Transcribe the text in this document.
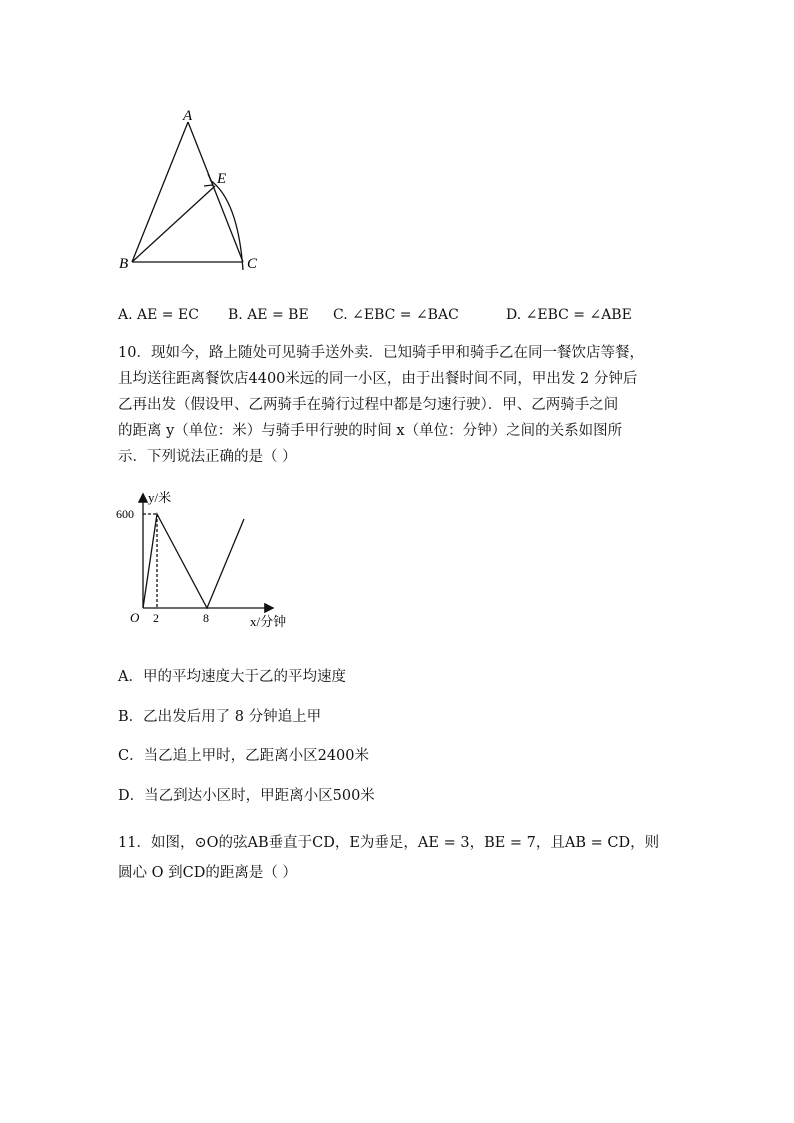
A
E
B	C
A. AE = EC B. AE = BE C. ∠EBC = ∠BAC	D. ∠EBC = ∠ABE
10．现如今，路上随处可见骑手送外卖．已知骑手甲和骑手乙在同一餐饮店等餐，
且均送往距离餐饮店4400米远的同一小区，由于出餐时间不同，甲出发 2 分钟后
乙再出发（假设甲、乙两骑手在骑行过程中都是匀速行驶）．甲、乙两骑手之间
的距离 y（单位：米）与骑手甲行驶的时间 x（单位：分钟）之间的关系如图所
示．下列说法正确的是（ ）
y/米
x/分钟
O
600
2	8
A．甲的平均速度大于乙的平均速度
B．乙出发后用了 8 分钟追上甲
C．当乙追上甲时，乙距离小区2400米
D．当乙到达小区时，甲距离小区500米
11．如图，⊙O的弦AB垂直于CD，E为垂足，AE = 3，BE = 7，且AB = CD，则
圆心 O 到CD的距离是（ ）
